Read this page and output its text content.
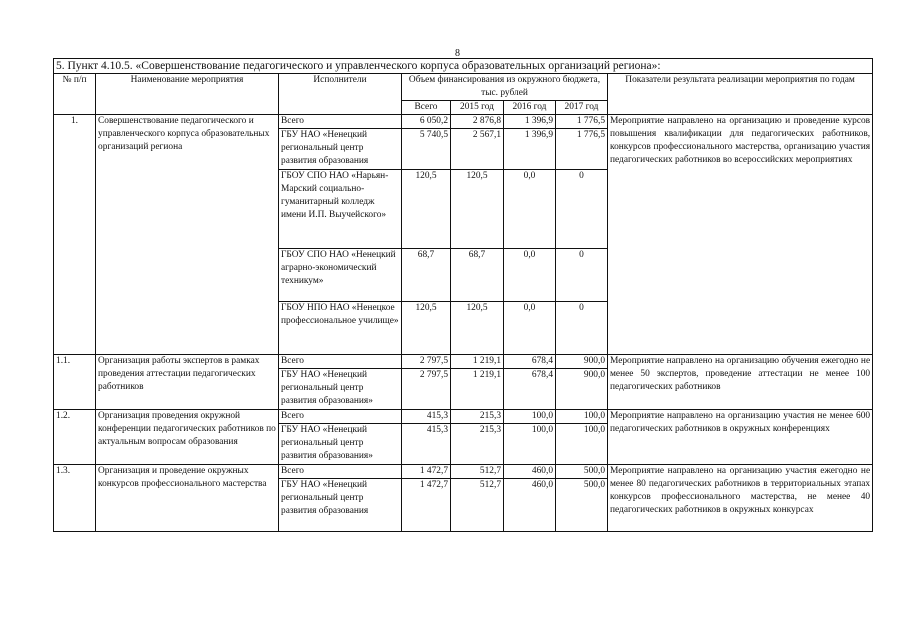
8
5. Пункт 4.10.5. «Совершенствование педагогического и управленческого корпуса образовательных организаций региона»:							
№ п/п	Наименование мероприятия	Исполнители	Объем финансирования из окружного бюджета, тыс. рублей				Показатели результата реализации мероприятия по годам
			Всего	2015 год	2016 год	2017 год	
1.	Совершенствование педагогического и управленческого корпуса образовательных организаций региона	Всего	6 050,2	2 876,8	1 396,9	1 776,5	Мероприятие направлено на организацию и проведение курсов повышения квалификации для педагогических работников, конкурсов профессионального мастерства, организацию участия педагогических работников во всероссийских мероприятиях
		ГБУ НАО «Ненецкий региональный центр развития образования	5 740,5	2 567,1	1 396,9	1 776,5	
		ГБОУ СПО НАО «Нарьян-Марский социально-гуманитарный колледж имени И.П. Выучейского»	120,5	120,5	0,0	0	
		ГБОУ СПО НАО «Ненецкий аграрно-экономический техникум»	68,7	68,7	0,0	0	
		ГБОУ НПО НАО «Ненецкое профессиональное училище»	120,5	120,5	0,0	0	
1.1.	Организация работы экспертов в рамках проведения аттестации педагогических работников	Всего	2 797,5	1 219,1	678,4	900,0	Мероприятие направлено на организацию обучения ежегодно не менее 50 экспертов, проведение аттестации не менее 100 педагогических работников
		ГБУ НАО «Ненецкий региональный центр развития образования»	2 797,5	1 219,1	678,4	900,0	
1.2.	Организация проведения окружной конференции педагогических работников по актуальным вопросам образования	Всего	415,3	215,3	100,0	100,0	Мероприятие направлено на организацию участия не менее 600 педагогических работников в окружных конференциях
		ГБУ НАО «Ненецкий региональный центр развития образования»	415,3	215,3	100,0	100,0	
1.3.	Организация и проведение окружных конкурсов профессионального мастерства	Всего	1 472,7	512,7	460,0	500,0	Мероприятие направлено на организацию участия ежегодно не менее 80 педагогических работников в территориальных этапах конкурсов профессионального мастерства, не менее 40 педагогических работников в окружных конкурсах
		ГБУ НАО «Ненецкий региональный центр развития образования	1 472,7	512,7	460,0	500,0	
